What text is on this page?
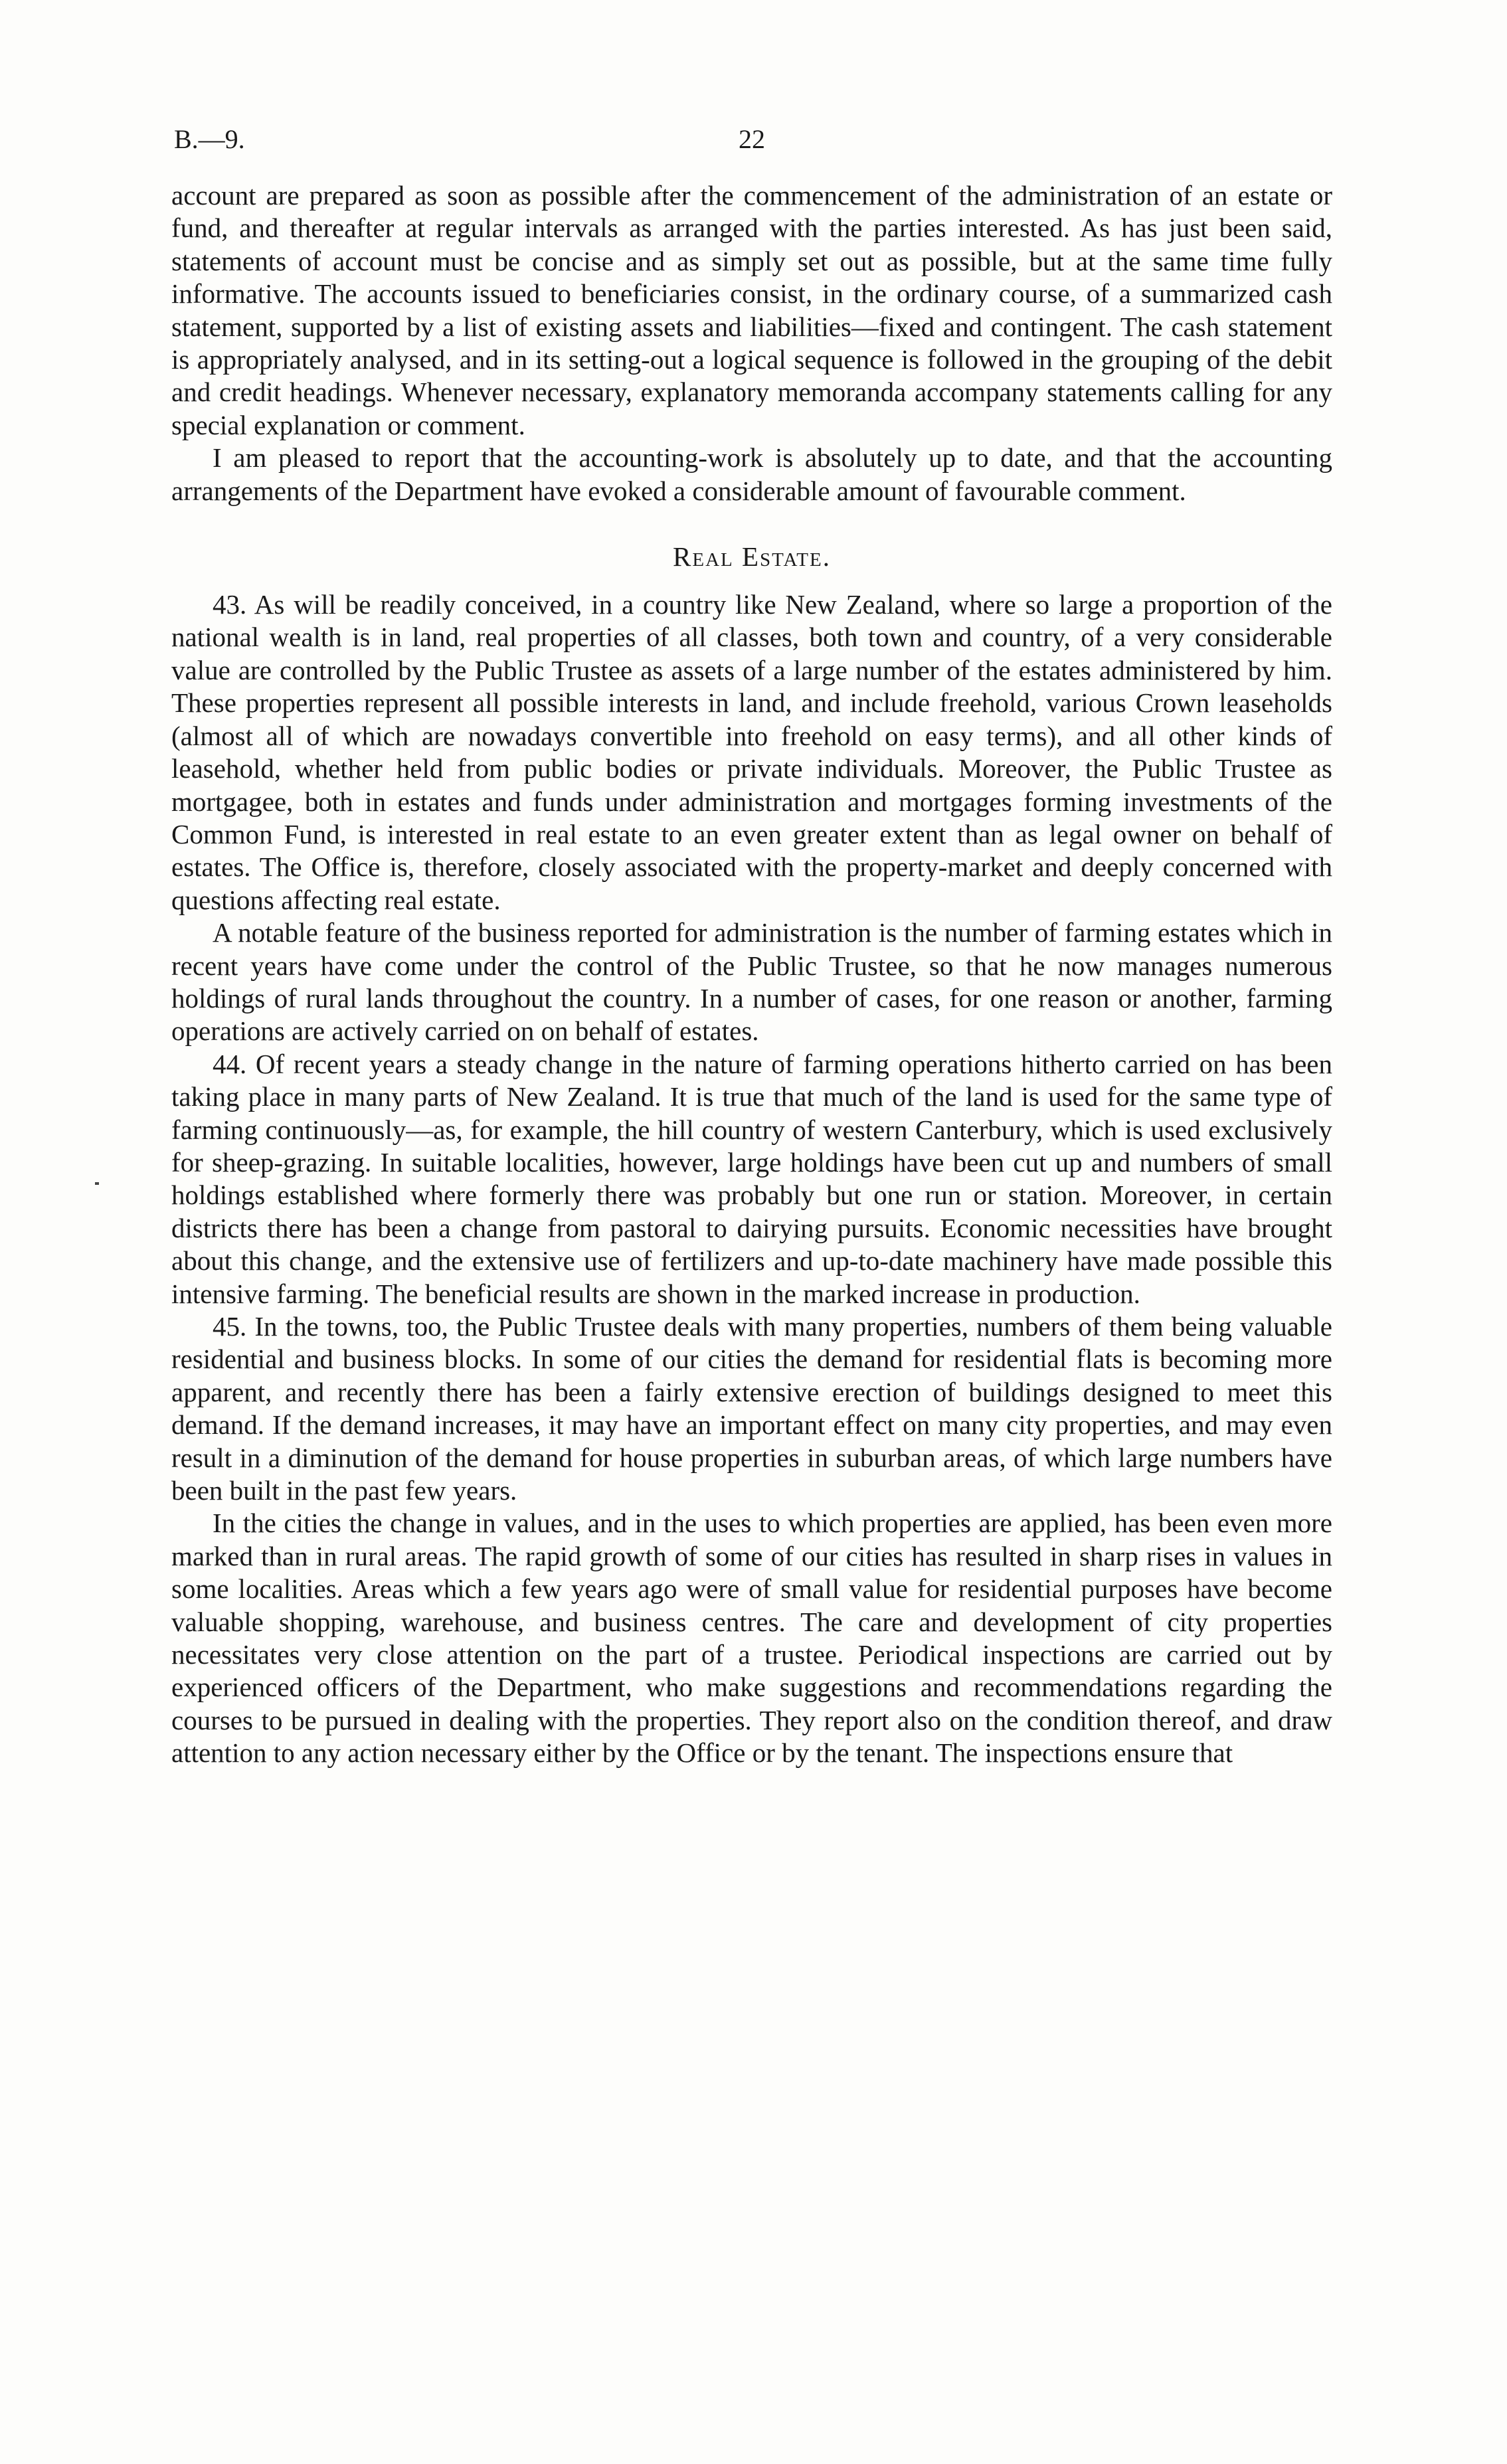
B.—9.	22

account are prepared as soon as possible after the commencement of the administration of an estate or fund, and thereafter at regular intervals as arranged with the parties interested. As has just been said, statements of account must be concise and as simply set out as possible, but at the same time fully informative. The accounts issued to beneficiaries consist, in the ordinary course, of a summarized cash statement, supported by a list of existing assets and liabilities—fixed and contingent. The cash statement is appropriately analysed, and in its setting-out a logical sequence is followed in the grouping of the debit and credit headings. Whenever necessary, explanatory memoranda accompany statements calling for any special explanation or comment.

I am pleased to report that the accounting-work is absolutely up to date, and that the accounting arrangements of the Department have evoked a considerable amount of favourable comment.

Real Estate.

43. As will be readily conceived, in a country like New Zealand, where so large a proportion of the national wealth is in land, real properties of all classes, both town and country, of a very considerable value are controlled by the Public Trustee as assets of a large number of the estates administered by him. These properties represent all possible interests in land, and include freehold, various Crown leaseholds (almost all of which are nowadays convertible into freehold on easy terms), and all other kinds of leasehold, whether held from public bodies or private individuals. Moreover, the Public Trustee as mortgagee, both in estates and funds under administration and mortgages forming investments of the Common Fund, is interested in real estate to an even greater extent than as legal owner on behalf of estates. The Office is, therefore, closely associated with the property-market and deeply concerned with questions affecting real estate.

A notable feature of the business reported for administration is the number of farming estates which in recent years have come under the control of the Public Trustee, so that he now manages numerous holdings of rural lands throughout the country. In a number of cases, for one reason or another, farming operations are actively carried on on behalf of estates.

44. Of recent years a steady change in the nature of farming operations hitherto carried on has been taking place in many parts of New Zealand. It is true that much of the land is used for the same type of farming continuously—as, for example, the hill country of western Canterbury, which is used exclusively for sheep-grazing. In suitable localities, however, large holdings have been cut up and numbers of small holdings established where formerly there was probably but one run or station. Moreover, in certain districts there has been a change from pastoral to dairying pursuits. Economic necessities have brought about this change, and the extensive use of fertilizers and up-to-date machinery have made possible this intensive farming. The beneficial results are shown in the marked increase in production.

45. In the towns, too, the Public Trustee deals with many properties, numbers of them being valuable residential and business blocks. In some of our cities the demand for residential flats is becoming more apparent, and recently there has been a fairly extensive erection of buildings designed to meet this demand. If the demand increases, it may have an important effect on many city properties, and may even result in a diminution of the demand for house properties in suburban areas, of which large numbers have been built in the past few years.

In the cities the change in values, and in the uses to which properties are applied, has been even more marked than in rural areas. The rapid growth of some of our cities has resulted in sharp rises in values in some localities. Areas which a few years ago were of small value for residential purposes have become valuable shopping, warehouse, and business centres. The care and development of city properties necessitates very close attention on the part of a trustee. Periodical inspections are carried out by experienced officers of the Department, who make suggestions and recommendations regarding the courses to be pursued in dealing with the properties. They report also on the condition thereof, and draw attention to any action necessary either by the Office or by the tenant. The inspections ensure that
